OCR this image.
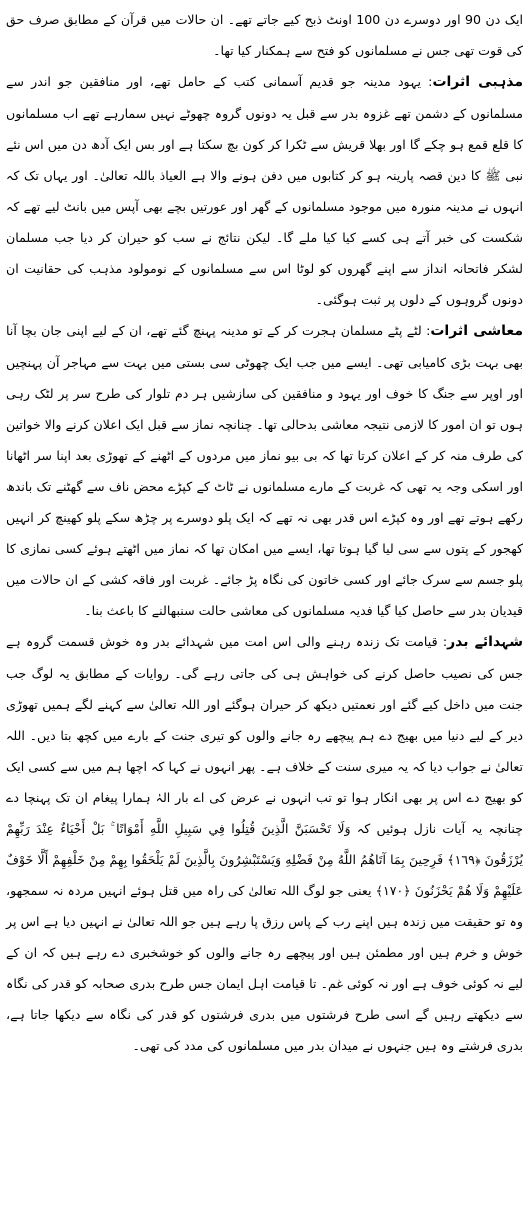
ایک دن 90 اور دوسرے دن 100 اونٹ ذبح کیے جاتے تھے۔ ان حالات میں قرآن کے مطابق صرف حق کی قوت تھی جس نے مسلمانوں کو فتح سے ہمکنار کیا تھا۔

مذہبی اثرات: یہود مدینہ جو قدیم آسمانی کتب کے حامل تھے، اور منافقین جو اندر سے مسلمانوں کے دشمن تھے غزوہ بدر سے قبل یہ دونوں گروہ چھوٹے نہیں سمارہے تھے اب مسلمانوں کا قلع قمع ہو چکے گا اور بھلا قریش سے ٹکرا کر کون بچ سکتا ہے اور بس ایک آدھ دن میں اس نئے نبی ﷺ کا دین قصہ پارینہ ہو کر کتابوں میں دفن ہونے والا ہے العیاذ باللہ تعالیٰ۔ اور یہاں تک کہ انہوں نے مدینہ منورہ میں موجود مسلمانوں کے گھر اور عورتیں بچے بھی آپس میں بانٹ لیے تھے کہ شکست کی خبر آتے ہی کسے کیا کیا ملے گا۔ لیکن نتائج نے سب کو حیران کر دیا جب مسلمان لشکر فاتحانہ انداز سے اپنے گھروں کو لوٹا اس سے مسلمانوں کے نومولود مذہب کی حقانیت ان دونوں گروہوں کے دلوں پر ثبت ہوگئی۔

معاشی اثرات: لٹے پٹے مسلمان ہجرت کر کے تو مدینہ پہنچ گئے تھے، ان کے لیے اپنی جان بچا آنا بھی بہت بڑی کامیابی تھی۔ ایسے میں جب ایک چھوٹی سی بستی میں بہت سے مہاجر آن پہنچیں اور اوپر سے جنگ کا خوف اور یہود و منافقین کی سازشیں ہر دم تلوار کی طرح سر پر لٹک رہی ہوں تو ان امور کا لازمی نتیجہ معاشی بدحالی تھا۔ چنانچہ نماز سے قبل ایک اعلان کرنے والا خواتین کی طرف منہ کر کے اعلان کرتا تھا کہ بی بیو نماز میں مردوں کے اٹھنے کے تھوڑی بعد اپنا سر اٹھانا اور اسکی وجہ یہ تھی کہ غربت کے مارے مسلمانوں نے ٹاٹ کے کپڑے محض ناف سے گھٹنے تک باندھ رکھے ہوتے تھے اور وہ کپڑے اس قدر بھی نہ تھے کہ ایک پلو دوسرے پر چڑھ سکے پلو کھینچ کر انہیں کھجور کے پتوں سے سی لیا گیا ہوتا تھا، ایسے میں امکان تھا کہ نماز میں اٹھتے ہوئے کسی نمازی کا پلو جسم سے سرک جائے اور کسی خاتون کی نگاہ پڑ جائے۔ غربت اور فاقہ کشی کے ان حالات میں قیدیان بدر سے حاصل کیا گیا فدیہ مسلمانوں کی معاشی حالت سنبھالنے کا باعث بنا۔

شہدائے بدر: قیامت تک زندہ رہنے والی اس امت میں شہدائے بدر وہ خوش قسمت گروہ ہے جس کی نصیب حاصل کرنے کی خواہش ہی کی جاتی رہے گی۔ روایات کے مطابق یہ لوگ جب جنت میں داخل کیے گئے اور نعمتیں دیکھ کر حیران ہوگئے اور اللہ تعالیٰ سے کہنے لگے ہمیں تھوڑی دیر کے لیے دنیا میں بھیج دے ہم پیچھے رہ جانے والوں کو تیری جنت کے بارے میں کچھ بتا دیں۔ اللہ تعالیٰ نے جواب دیا کہ یہ میری سنت کے خلاف ہے۔ پھر انہوں نے کہا کہ اچھا ہم میں سے کسی ایک کو بھیج دے اس پر بھی انکار ہوا تو تب انہوں نے عرض کی اے بار الہٰ ہمارا پیغام ان تک پہنچا دے چنانچہ یہ آیات نازل ہوئیں کہ وَلَا تَحْسَبَنَّ الَّذِينَ قُتِلُوا فِي سَبِيلِ اللَّهِ أَمْوَاتًا ۚ بَلْ أَحْيَاءٌ عِنْدَ رَبِّهِمْ يُرْزَقُونَ ﴿١٦٩﴾ فَرِحِينَ بِمَا آتَاهُمُ اللَّهُ مِنْ فَضْلِهِ وَيَسْتَبْشِرُونَ بِالَّذِينَ لَمْ يَلْحَقُوا بِهِمْ مِنْ خَلْفِهِمْ أَلَّا خَوْفٌ عَلَيْهِمْ وَلَا هُمْ يَحْزَنُونَ ﴿١٧٠﴾ یعنی جو لوگ اللہ تعالیٰ کی راہ میں قتل ہوئے انہیں مردہ نہ سمجھو، وہ تو حقیقت میں زندہ ہیں اپنے رب کے پاس رزق پا رہے ہیں جو اللہ تعالیٰ نے انہیں دیا ہے اس پر خوش و خرم ہیں اور مطمئن ہیں اور پیچھے رہ جانے والوں کو خوشخبری دے رہے ہیں کہ ان کے لیے نہ کوئی خوف ہے اور نہ کوئی غم۔ تا قیامت اہل ایمان جس طرح بدری صحابہ کو قدر کی نگاہ سے دیکھتے رہیں گے اسی طرح فرشتوں میں بدری فرشتوں کو قدر کی نگاہ سے دیکھا جاتا ہے، بدری فرشتے وہ ہیں جنہوں نے میدان بدر میں مسلمانوں کی مدد کی تھی۔
